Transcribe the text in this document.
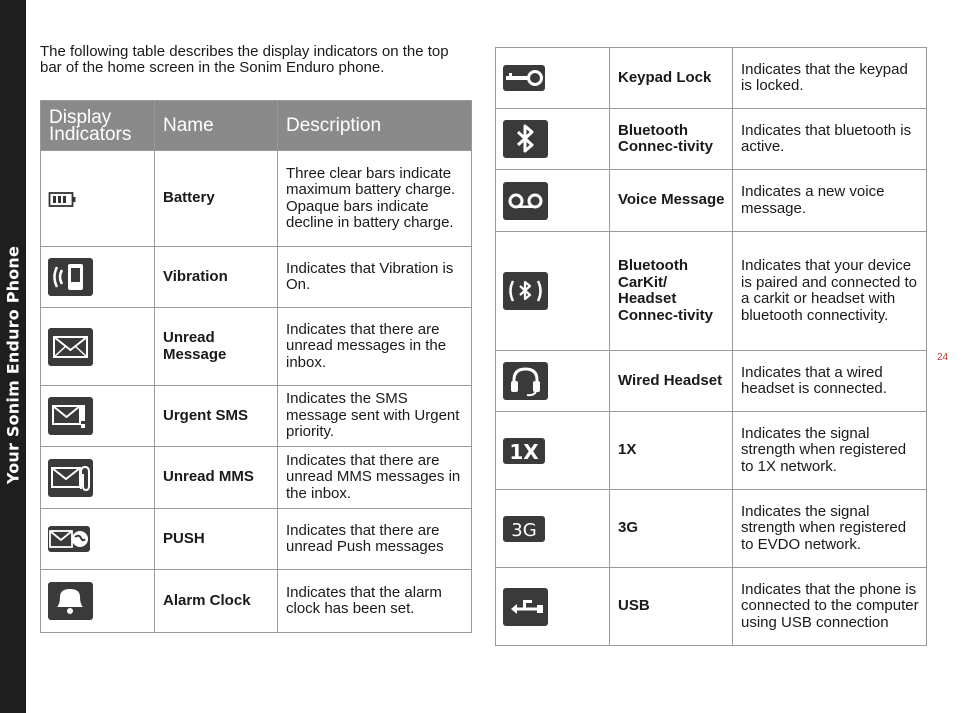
Your Sonim Enduro Phone

The following table describes the display indicators on the top bar of the home screen in the Sonim Enduro phone.

Display Indicators	Name	Description

	Battery	Three clear bars indicate maximum battery charge. Opaque bars indicate decline in battery charge.

	Vibration	Indicates that Vibration is On.

	Unread Message	Indicates that there are unread messages in the inbox.

	Urgent SMS	Indicates the SMS message sent with Urgent priority.

	Unread MMS	Indicates that there are unread MMS messages in the inbox.

	PUSH	Indicates that there are unread Push messages

	Alarm Clock	Indicates that the alarm clock has been set.
	Keypad Lock	Indicates that the keypad is locked.

	Bluetooth Connec-tivity	Indicates that bluetooth is active.

	Voice Message	Indicates a new voice message.

	Bluetooth CarKit/ Headset Connec-tivity	Indicates that your device is paired and connected to a carkit or headset with bluetooth connectivity.

	Wired Headset	Indicates that a wired headset is connected.

1X	1X	Indicates the signal strength when registered to 1X network.

3G	3G	Indicates the signal strength when registered to EVDO network.

	USB	Indicates that the phone is connected to the computer using USB connection
24
